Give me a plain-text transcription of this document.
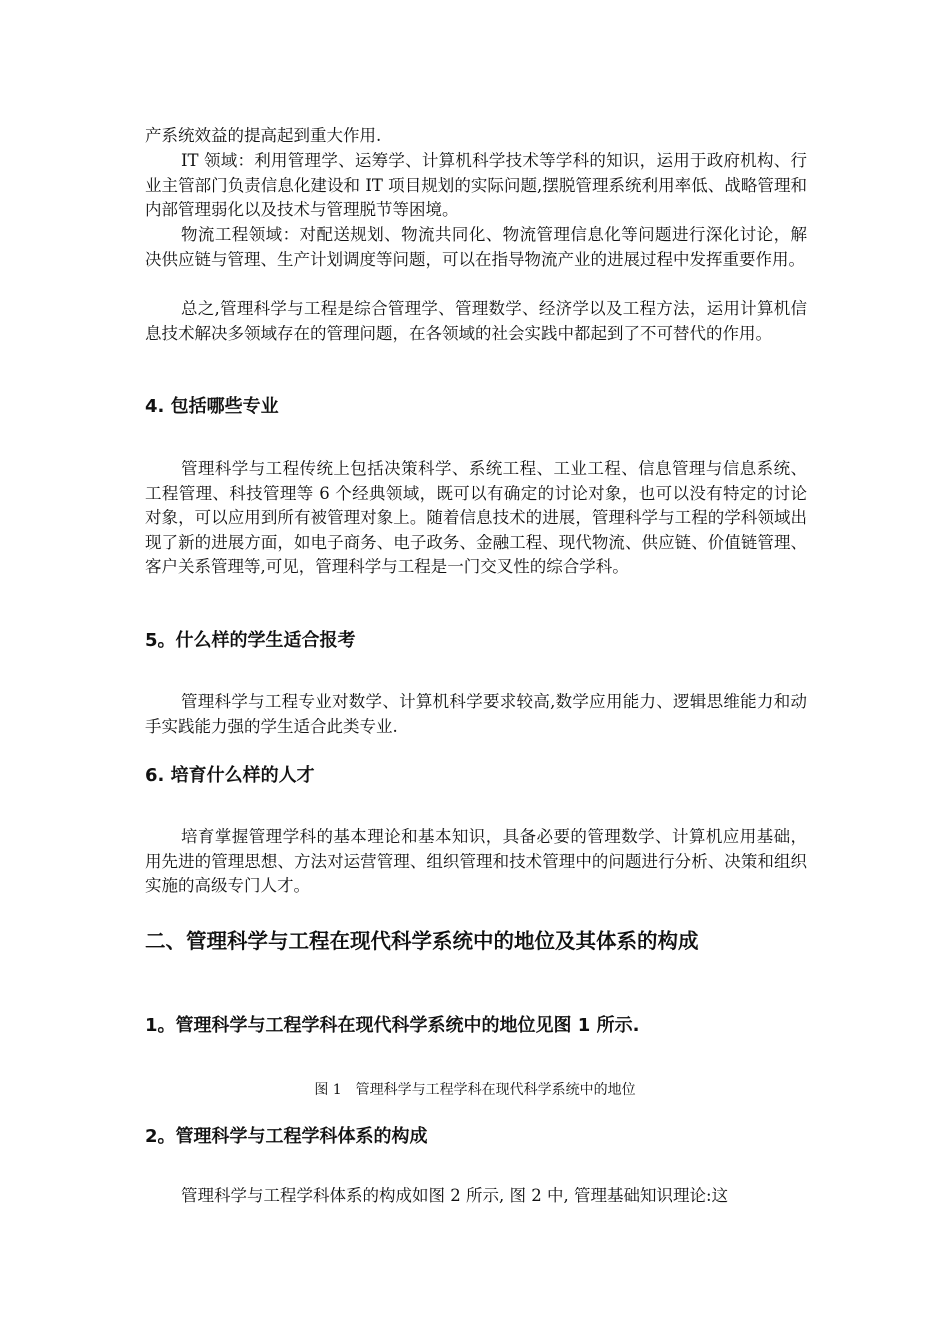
产系统效益的提高起到重大作用.

IT 领域：利用管理学、运筹学、计算机科学技术等学科的知识，运用于政府机构、行业主管部门负责信息化建设和 IT 项目规划的实际问题,摆脱管理系统利用率低、战略管理和内部管理弱化以及技术与管理脱节等困境。

物流工程领域：对配送规划、物流共同化、物流管理信息化等问题进行深化讨论，解决供应链与管理、生产计划调度等问题，可以在指导物流产业的进展过程中发挥重要作用。

总之,管理科学与工程是综合管理学、管理数学、经济学以及工程方法，运用计算机信息技术解决多领域存在的管理问题，在各领域的社会实践中都起到了不可替代的作用。

4. 包括哪些专业

管理科学与工程传统上包括决策科学、系统工程、工业工程、信息管理与信息系统、工程管理、科技管理等 6 个经典领域，既可以有确定的讨论对象，也可以没有特定的讨论对象，可以应用到所有被管理对象上。随着信息技术的进展，管理科学与工程的学科领域出现了新的进展方面，如电子商务、电子政务、金融工程、现代物流、供应链、价值链管理、客户关系管理等,可见，管理科学与工程是一门交叉性的综合学科。

5。什么样的学生适合报考

管理科学与工程专业对数学、计算机科学要求较高,数学应用能力、逻辑思维能力和动手实践能力强的学生适合此类专业.

6. 培育什么样的人才

培育掌握管理学科的基本理论和基本知识，具备必要的管理数学、计算机应用基础，用先进的管理思想、方法对运营管理、组织管理和技术管理中的问题进行分析、决策和组织实施的高级专门人才。

二、管理科学与工程在现代科学系统中的地位及其体系的构成
1。管理科学与工程学科在现代科学系统中的地位见图 1 所示.

图 1　管理科学与工程学科在现代科学系统中的地位

2。管理科学与工程学科体系的构成

管理科学与工程学科体系的构成如图 2 所示, 图 2 中, 管理基础知识理论:这
